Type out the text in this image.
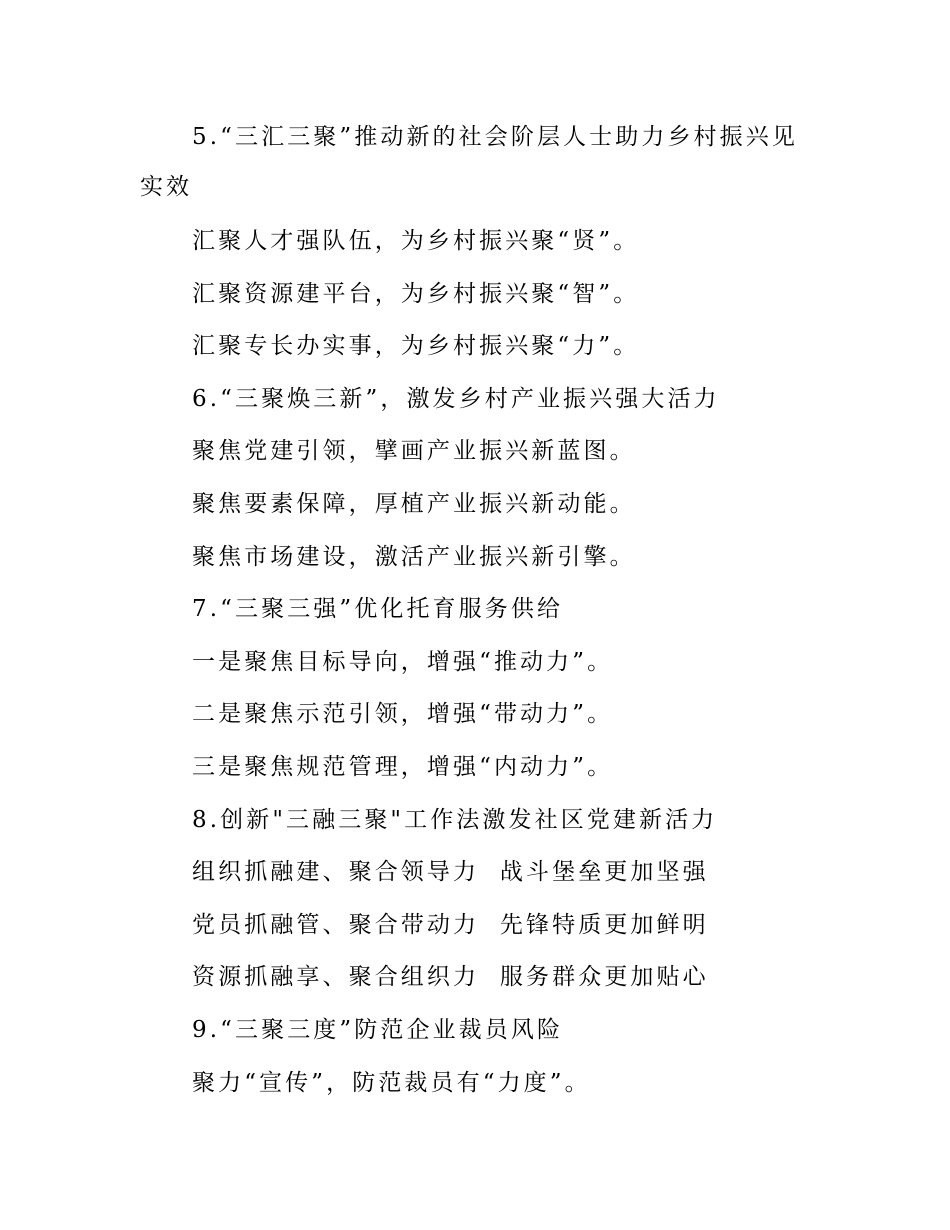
5.“三汇三聚”推动新的社会阶层人士助力乡村振兴见实效

汇聚人才强队伍，为乡村振兴聚“贤”。

汇聚资源建平台，为乡村振兴聚“智”。

汇聚专长办实事，为乡村振兴聚“力”。

6.“三聚焕三新”，激发乡村产业振兴强大活力

聚焦党建引领，擘画产业振兴新蓝图。

聚焦要素保障，厚植产业振兴新动能。

聚焦市场建设，激活产业振兴新引擎。

7.“三聚三强”优化托育服务供给

一是聚焦目标导向，增强“推动力”。

二是聚焦示范引领，增强“带动力”。

三是聚焦规范管理，增强“内动力”。

8.创新"三融三聚"工作法激发社区党建新活力

组织抓融建、聚合领导力  战斗堡垒更加坚强

党员抓融管、聚合带动力  先锋特质更加鲜明

资源抓融享、聚合组织力  服务群众更加贴心

9.“三聚三度”防范企业裁员风险

聚力“宣传”，防范裁员有“力度”。
